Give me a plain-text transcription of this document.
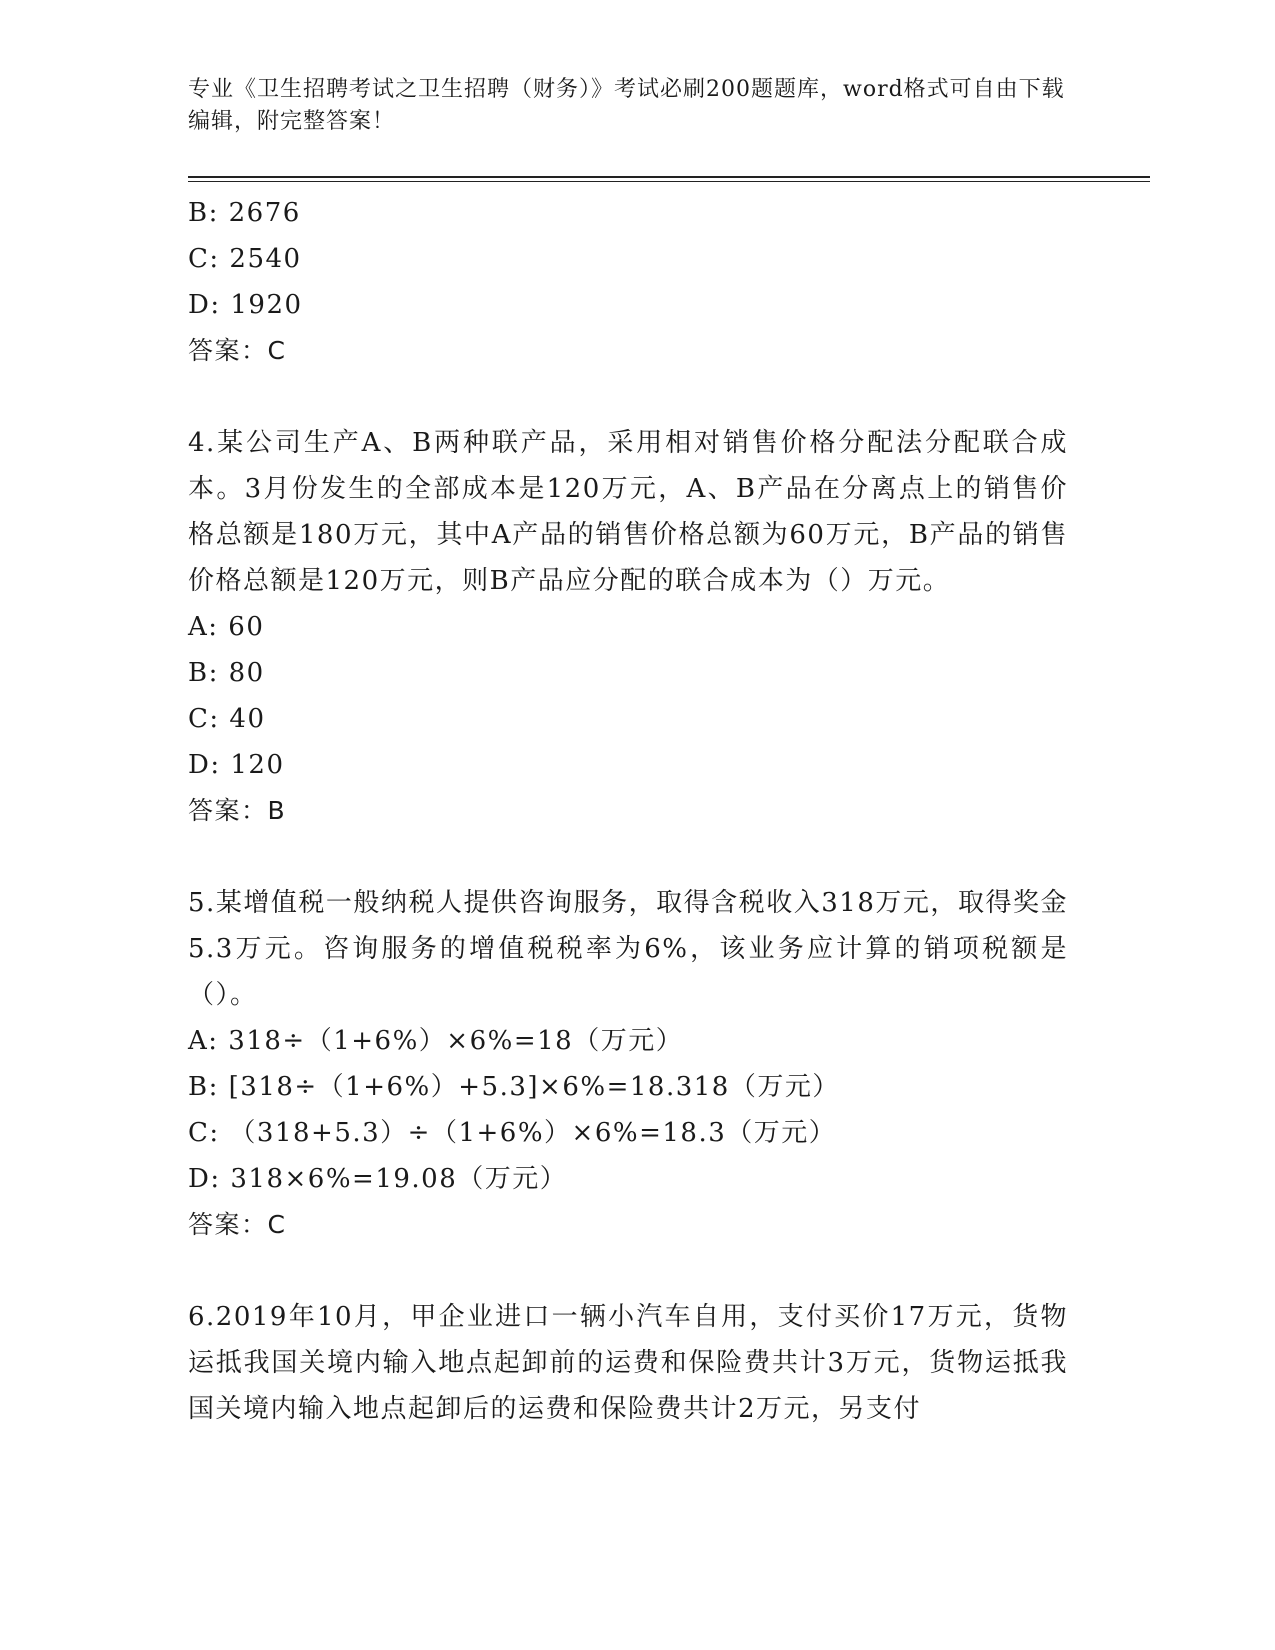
专业《卫生招聘考试之卫生招聘（财务）》考试必刷200题题库，word格式可自由下载编辑，附完整答案！
B: 2676
C: 2540
D: 1920
答案：C
4.某公司生产A、B两种联产品，采用相对销售价格分配法分配联合成本。3月份发生的全部成本是120万元，A、B产品在分离点上的销售价格总额是180万元，其中A产品的销售价格总额为60万元，B产品的销售价格总额是120万元，则B产品应分配的联合成本为（）万元。
A: 60
B: 80
C: 40
D: 120
答案：B
5.某增值税一般纳税人提供咨询服务，取得含税收入318万元，取得奖金5.3万元。咨询服务的增值税税率为6%，该业务应计算的销项税额是（）。
A: 318÷（1+6%）×6%=18（万元）
B: [318÷（1+6%）+5.3]×6%=18.318（万元）
C: （318+5.3）÷（1+6%）×6%=18.3（万元）
D: 318×6%=19.08（万元）
答案：C
6.2019年10月，甲企业进口一辆小汽车自用，支付买价17万元，货物运抵我国关境内输入地点起卸前的运费和保险费共计3万元，货物运抵我国关境内输入地点起卸后的运费和保险费共计2万元，另支付
